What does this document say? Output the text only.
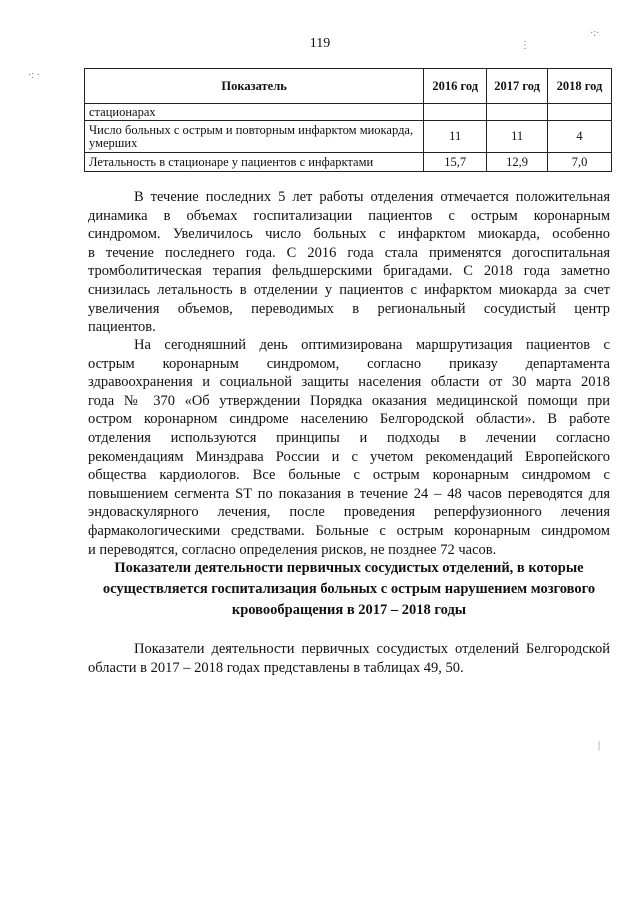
119
Показатель	2016 год	2017 год	2018 год
стационарах			

Число больных с острым и повторным инфарктом миокарда,
умерших	11	11	4
Летальность в стационаре у пациентов с инфарктами	15,7	12,9	7,0

В течение последних 5 лет работы отделения отмечается положительная
динамика в объемах госпитализации пациентов с острым коронарным
синдромом. Увеличилось число больных с инфарктом миокарда, особенно
в течение последнего года. С 2016 года стала применятся догоспитальная
тромболитическая терапия фельдшерскими бригадами. С 2018 года заметно
снизилась летальность в отделении у пациентов с инфарктом миокарда за счет
увеличения объемов, переводимых в региональный сосудистый центр
пациентов.

На сегодняшний день оптимизирована маршрутизация пациентов с
острым коронарным синдромом, согласно приказу департамента
здравоохранения и социальной защиты населения области от 30 марта 2018
года № 370 «Об утверждении Порядка оказания медицинской помощи при
остром коронарном синдроме населению Белгородской области». В работе
отделения используются принципы и подходы в лечении согласно
рекомендациям Минздрава России и с учетом рекомендаций Европейского
общества кардиологов. Все больные с острым коронарным синдромом с
повышением сегмента ST по показания в течение 24 – 48 часов переводятся для
эндоваскулярного лечения, после проведения реперфузионного лечения
фармакологическими средствами. Больные с острым коронарным синдромом
и переводятся, согласно определения рисков, не позднее 72 часов.

Показатели деятельности первичных сосудистых отделений, в которые
осуществляется госпитализация больных с острым нарушением мозгового
кровообращения в 2017 – 2018 годы

Показатели деятельности первичных сосудистых отделений Белгородской
области в 2017 – 2018 годах представлены в таблицах 49, 50.

·:·
·: ·
⋮
|
